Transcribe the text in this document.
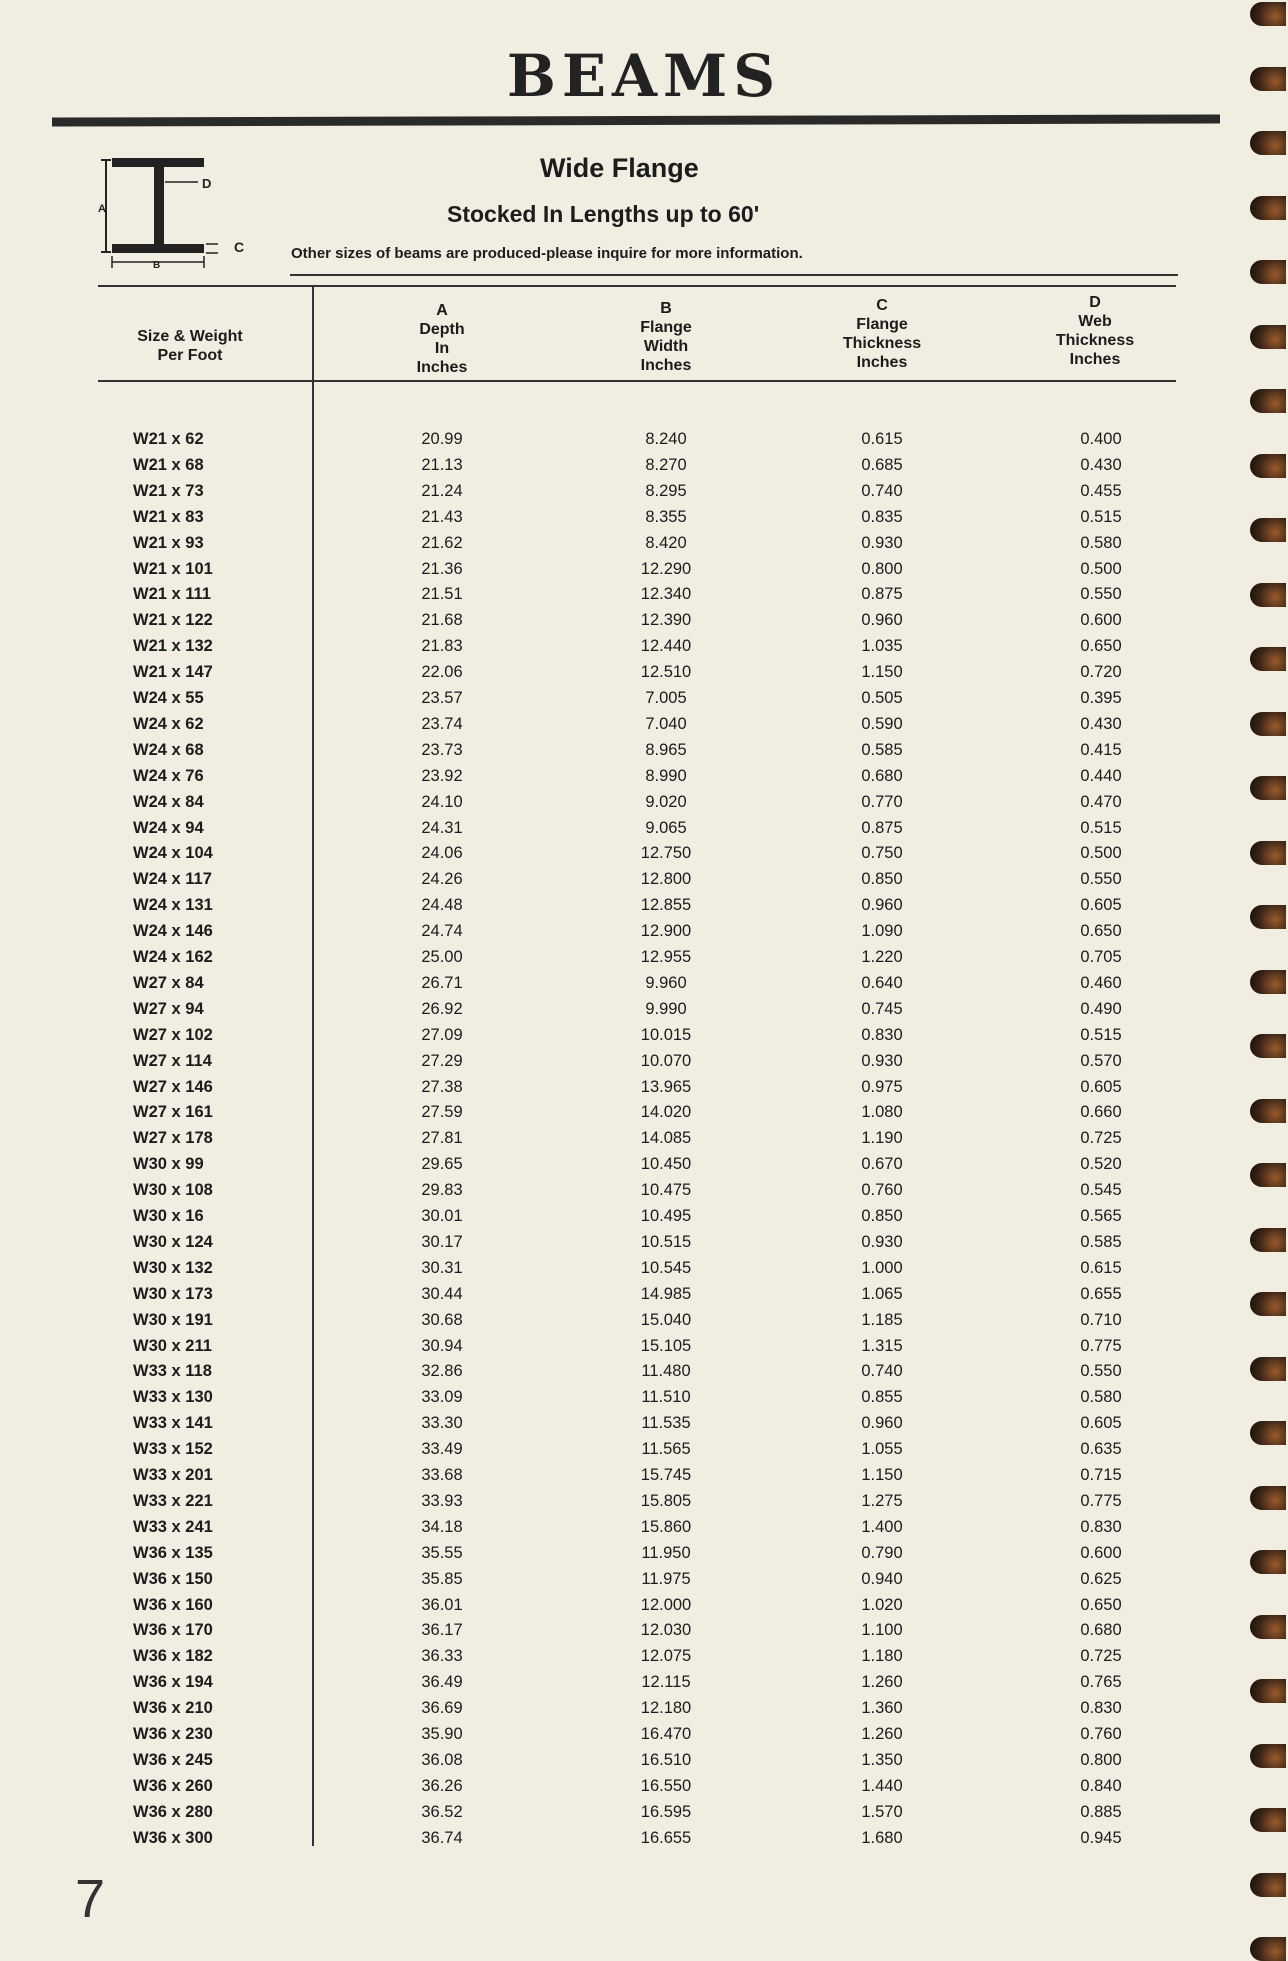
BEAMS
A
D
C
B
Wide Flange
Stocked In Lengths up to 60'
Other sizes of beams are produced-please inquire for more information.
Size & Weight
Per Foot
A
Depth
In
Inches
B
Flange
Width
Inches
C
Flange
Thickness
Inches
D
Web
Thickness
Inches
W21 x 62	20.99	8.240	0.615	0.400
W21 x 68	21.13	8.270	0.685	0.430
W21 x 73	21.24	8.295	0.740	0.455
W21 x 83	21.43	8.355	0.835	0.515
W21 x 93	21.62	8.420	0.930	0.580
W21 x 101	21.36	12.290	0.800	0.500
W21 x 111	21.51	12.340	0.875	0.550
W21 x 122	21.68	12.390	0.960	0.600
W21 x 132	21.83	12.440	1.035	0.650
W21 x 147	22.06	12.510	1.150	0.720
W24 x 55	23.57	7.005	0.505	0.395
W24 x 62	23.74	7.040	0.590	0.430
W24 x 68	23.73	8.965	0.585	0.415
W24 x 76	23.92	8.990	0.680	0.440
W24 x 84	24.10	9.020	0.770	0.470
W24 x 94	24.31	9.065	0.875	0.515
W24 x 104	24.06	12.750	0.750	0.500
W24 x 117	24.26	12.800	0.850	0.550
W24 x 131	24.48	12.855	0.960	0.605
W24 x 146	24.74	12.900	1.090	0.650
W24 x 162	25.00	12.955	1.220	0.705
W27 x 84	26.71	9.960	0.640	0.460
W27 x 94	26.92	9.990	0.745	0.490
W27 x 102	27.09	10.015	0.830	0.515
W27 x 114	27.29	10.070	0.930	0.570
W27 x 146	27.38	13.965	0.975	0.605
W27 x 161	27.59	14.020	1.080	0.660
W27 x 178	27.81	14.085	1.190	0.725
W30 x 99	29.65	10.450	0.670	0.520
W30 x 108	29.83	10.475	0.760	0.545
W30 x 16	30.01	10.495	0.850	0.565
W30 x 124	30.17	10.515	0.930	0.585
W30 x 132	30.31	10.545	1.000	0.615
W30 x 173	30.44	14.985	1.065	0.655
W30 x 191	30.68	15.040	1.185	0.710
W30 x 211	30.94	15.105	1.315	0.775
W33 x 118	32.86	11.480	0.740	0.550
W33 x 130	33.09	11.510	0.855	0.580
W33 x 141	33.30	11.535	0.960	0.605
W33 x 152	33.49	11.565	1.055	0.635
W33 x 201	33.68	15.745	1.150	0.715
W33 x 221	33.93	15.805	1.275	0.775
W33 x 241	34.18	15.860	1.400	0.830
W36 x 135	35.55	11.950	0.790	0.600
W36 x 150	35.85	11.975	0.940	0.625
W36 x 160	36.01	12.000	1.020	0.650
W36 x 170	36.17	12.030	1.100	0.680
W36 x 182	36.33	12.075	1.180	0.725
W36 x 194	36.49	12.115	1.260	0.765
W36 x 210	36.69	12.180	1.360	0.830
W36 x 230	35.90	16.470	1.260	0.760
W36 x 245	36.08	16.510	1.350	0.800
W36 x 260	36.26	16.550	1.440	0.840
W36 x 280	36.52	16.595	1.570	0.885
W36 x 300	36.74	16.655	1.680	0.945
7
